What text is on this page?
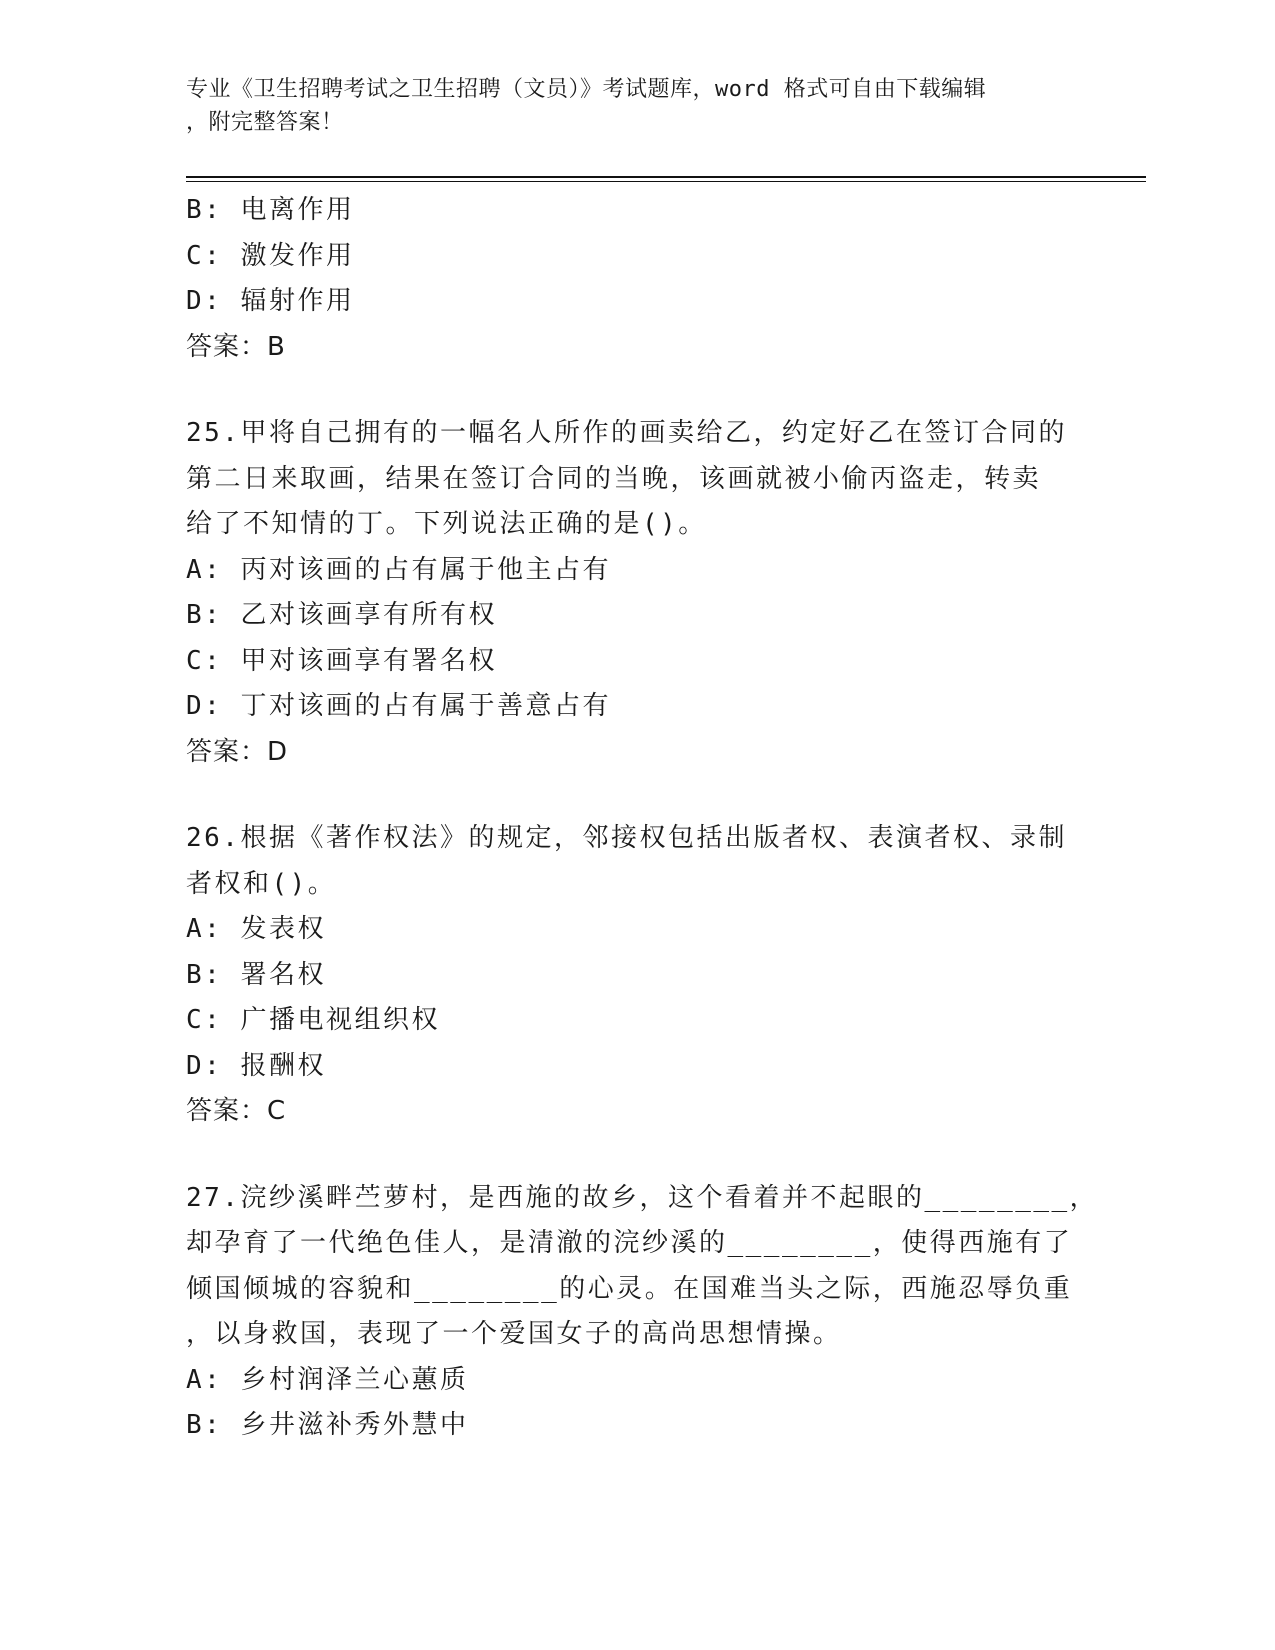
专业《卫生招聘考试之卫生招聘（文员）》考试题库，word 格式可自由下载编辑
，附完整答案！
B: 电离作用
C: 激发作用
D: 辐射作用
答案：B
25.甲将自己拥有的一幅名人所作的画卖给乙，约定好乙在签订合同的
第二日来取画，结果在签订合同的当晚，该画就被小偷丙盗走，转卖
给了不知情的丁。下列说法正确的是()。
A: 丙对该画的占有属于他主占有
B: 乙对该画享有所有权
C: 甲对该画享有署名权
D: 丁对该画的占有属于善意占有
答案：D
26.根据《著作权法》的规定，邻接权包括出版者权、表演者权、录制
者权和()。
A: 发表权
B: 署名权
C: 广播电视组织权
D: 报酬权
答案：C
27.浣纱溪畔苎萝村，是西施的故乡，这个看着并不起眼的________，
却孕育了一代绝色佳人，是清澈的浣纱溪的________，使得西施有了
倾国倾城的容貌和________的心灵。在国难当头之际，西施忍辱负重
，以身救国，表现了一个爱国女子的高尚思想情操。
A: 乡村润泽兰心蕙质
B: 乡井滋补秀外慧中
